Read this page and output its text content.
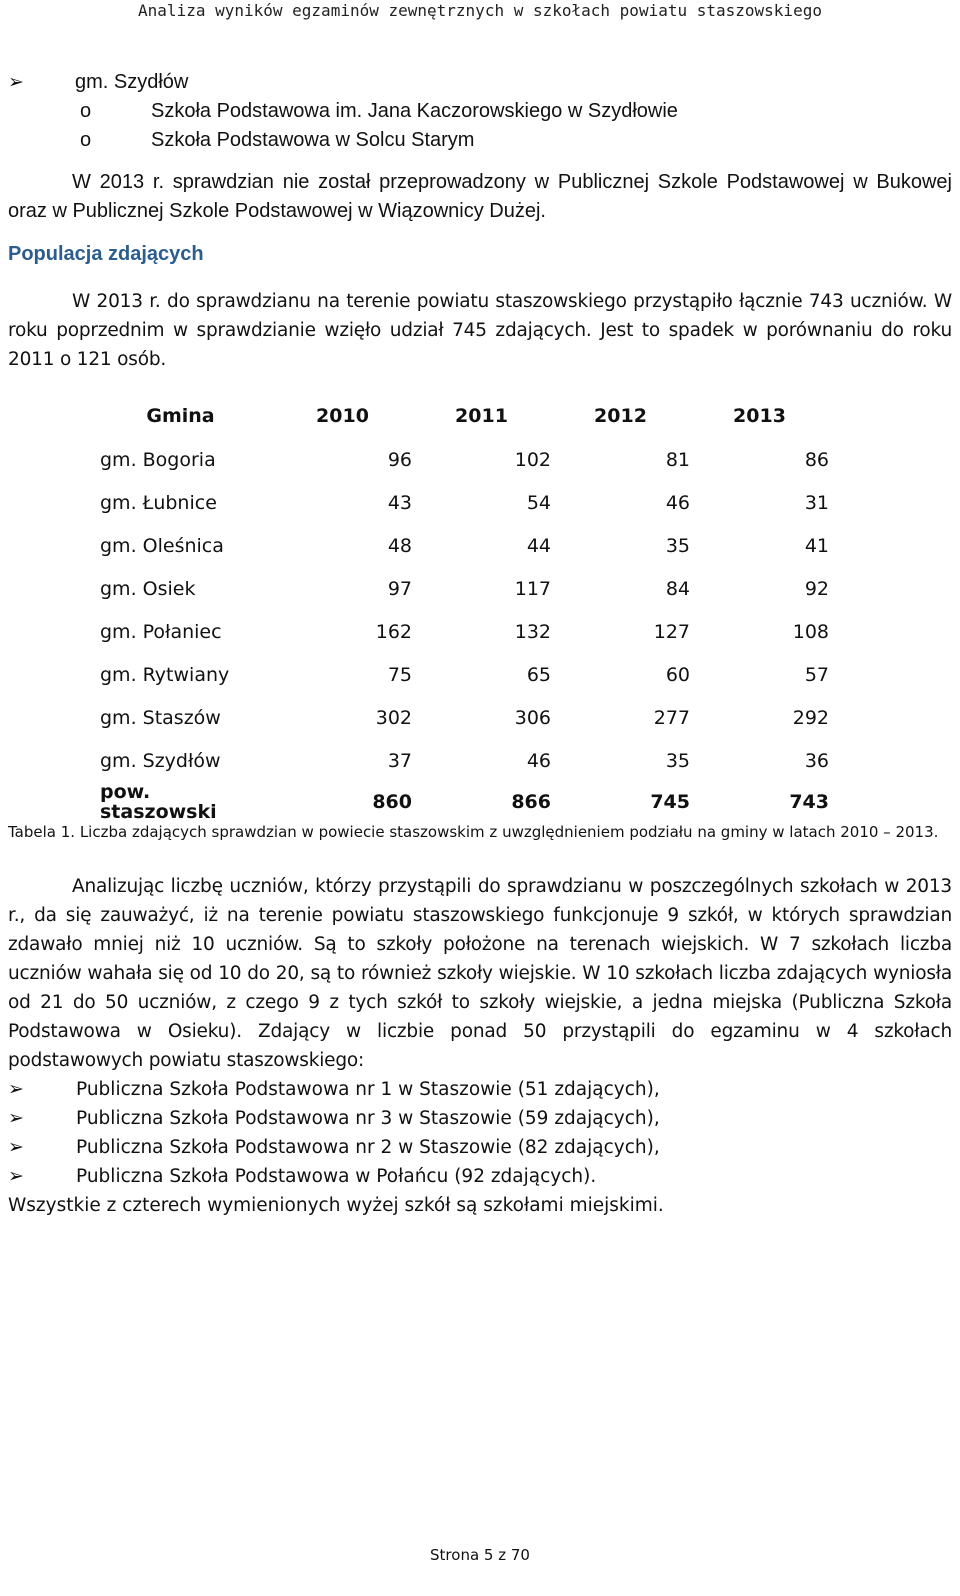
Analiza wyników egzaminów zewnętrznych w szkołach powiatu staszowskiego
➢	gm. Szydłów
o	Szkoła Podstawowa im. Jana Kaczorowskiego w Szydłowie
o	Szkoła Podstawowa w Solcu Starym
W 2013 r. sprawdzian nie został przeprowadzony w Publicznej Szkole Podstawowej w Bukowej oraz w Publicznej Szkole Podstawowej w Wiązownicy Dużej.
Populacja zdających
W 2013 r. do sprawdzianu na terenie powiatu staszowskiego przystąpiło łącznie 743 uczniów. W roku poprzednim w sprawdzianie wzięło udział 745 zdających. Jest to spadek w porównaniu do roku 2011 o 121 osób.
Gmina	2010	2011	2012	2013
gm. Bogoria	96	102	81	86
gm. Łubnice	43	54	46	31
gm. Oleśnica	48	44	35	41
gm. Osiek	97	117	84	92
gm. Połaniec	162	132	127	108
gm. Rytwiany	75	65	60	57
gm. Staszów	302	306	277	292
gm. Szydłów	37	46	35	36

pow.
staszowski	860	866	745	743
Tabela 1. Liczba zdających sprawdzian w powiecie staszowskim z uwzględnieniem podziału na gminy w latach 2010 – 2013.
Analizując liczbę uczniów, którzy przystąpili do sprawdzianu w poszczególnych szkołach w 2013 r., da się zauważyć, iż na terenie powiatu staszowskiego funkcjonuje 9 szkół, w których sprawdzian zdawało mniej niż 10 uczniów. Są to szkoły położone na terenach wiejskich. W 7 szkołach liczba uczniów wahała się od 10 do 20, są to również szkoły wiejskie. W 10 szkołach liczba zdających wyniosła od 21 do 50 uczniów, z czego 9 z tych szkół to szkoły wiejskie, a jedna miejska (Publiczna Szkoła Podstawowa w Osieku). Zdający w liczbie ponad 50 przystąpili do egzaminu w 4 szkołach podstawowych powiatu staszowskiego:
➢	Publiczna Szkoła Podstawowa nr 1 w Staszowie (51 zdających),
➢	Publiczna Szkoła Podstawowa nr 3 w Staszowie (59 zdających),
➢	Publiczna Szkoła Podstawowa nr 2 w Staszowie (82 zdających),
➢	Publiczna Szkoła Podstawowa w Połańcu (92 zdających).
Wszystkie z czterech wymienionych wyżej szkół są szkołami miejskimi.
Strona 5 z 70
